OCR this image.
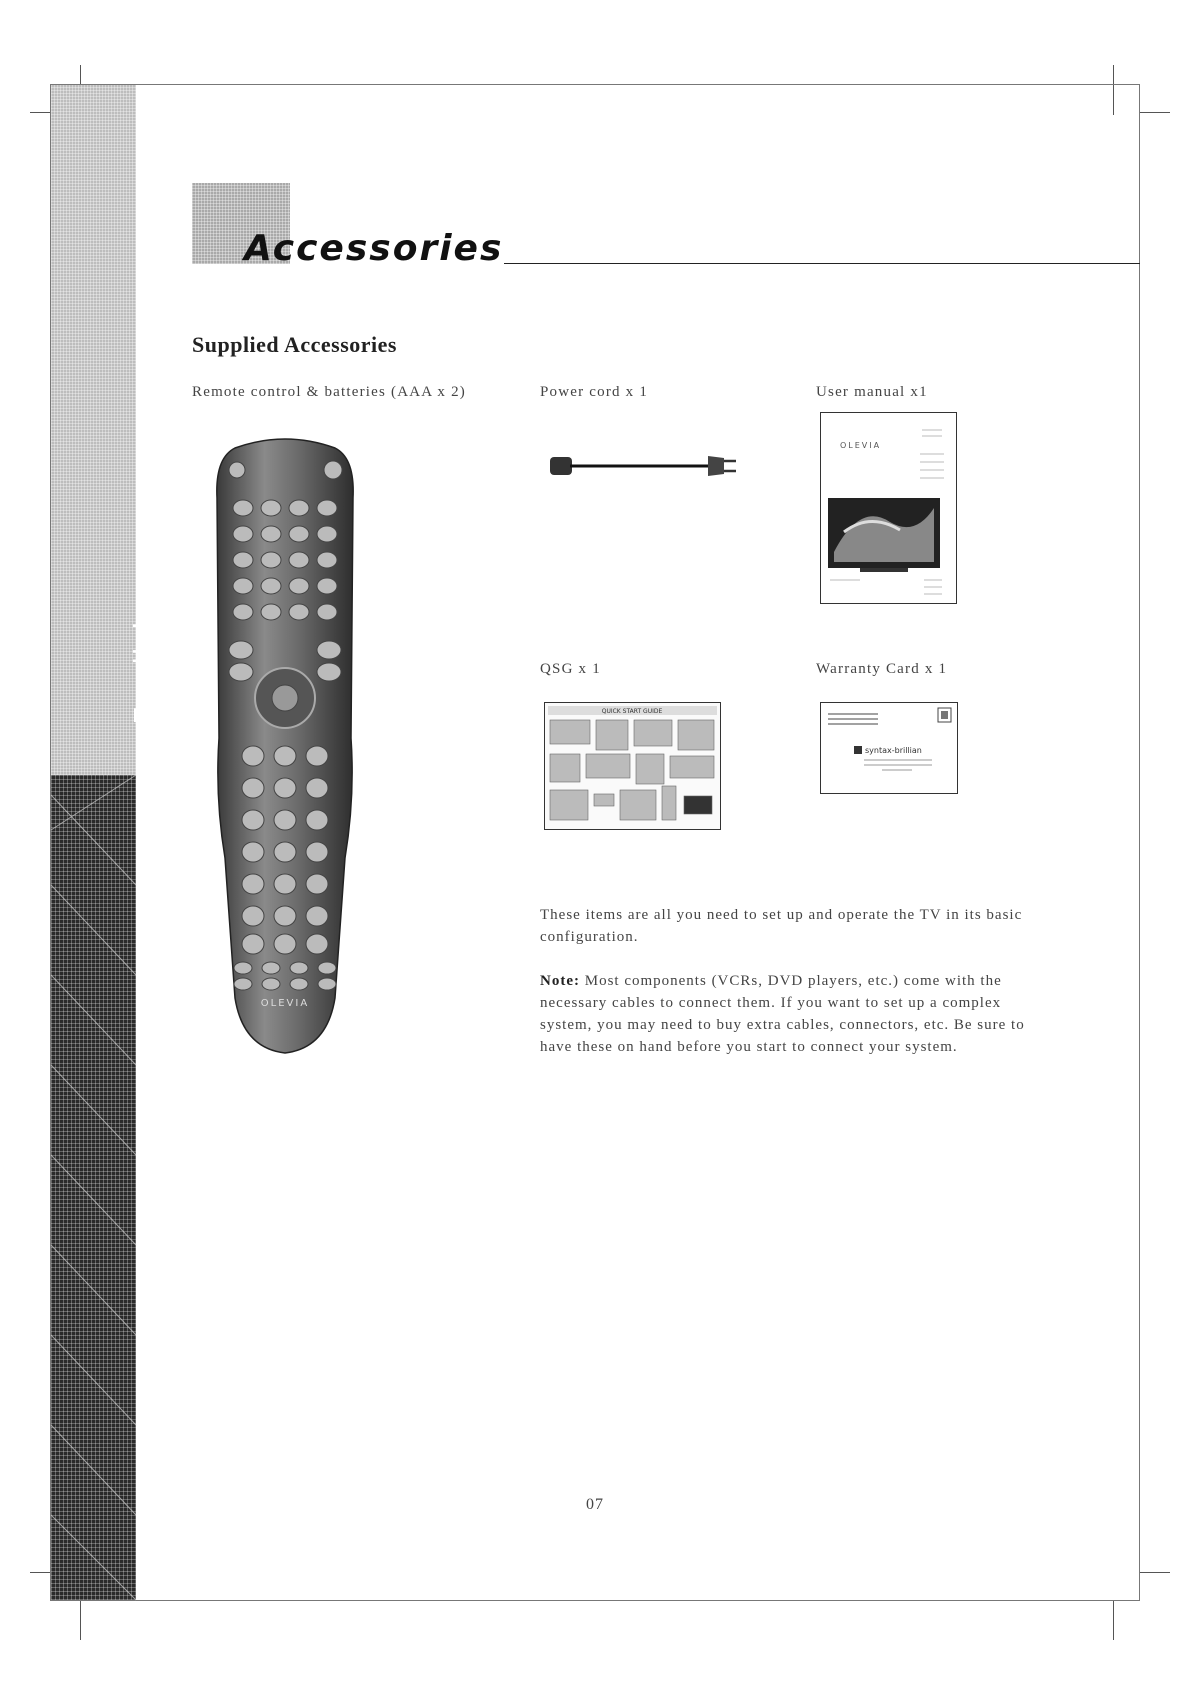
English
Accessories
Supplied Accessories
Remote control & batteries (AAA x 2)	Power cord x 1	User manual x1
QSG x 1	Warranty Card x 1
OLEVIA
OLEVIA
QUICK START GUIDE
syntax-brillian

These items are all you need to set up and operate the TV in its basic configuration.

Note: Most components (VCRs, DVD players, etc.) come with the necessary cables to connect them. If you want to set up a complex system, you may need to buy extra cables, connectors, etc. Be sure to have these on hand before you start to connect your system.

07
